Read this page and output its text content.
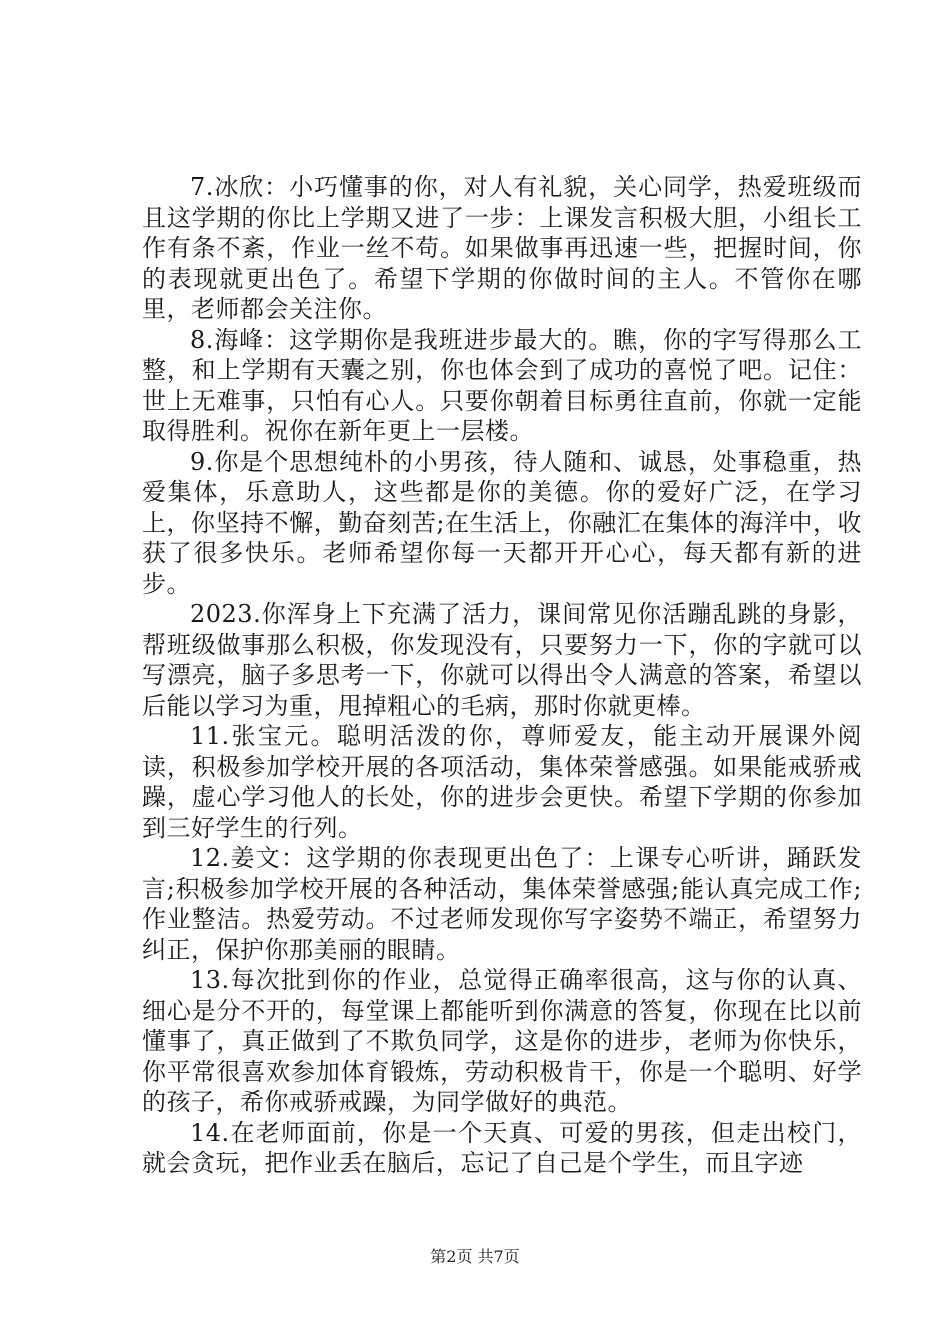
7.冰欣：小巧懂事的你，对人有礼貌，关心同学，热爱班级而且这学期的你比上学期又进了一步：上课发言积极大胆，小组长工作有条不紊，作业一丝不苟。如果做事再迅速一些，把握时间，你的表现就更出色了。希望下学期的你做时间的主人。不管你在哪里，老师都会关注你。

8.海峰：这学期你是我班进步最大的。瞧，你的字写得那么工整，和上学期有天囊之别，你也体会到了成功的喜悦了吧。记住：世上无难事，只怕有心人。只要你朝着目标勇往直前，你就一定能取得胜利。祝你在新年更上一层楼。

9.你是个思想纯朴的小男孩，待人随和、诚恳，处事稳重，热爱集体，乐意助人，这些都是你的美德。你的爱好广泛，在学习上，你坚持不懈，勤奋刻苦;在生活上，你融汇在集体的海洋中，收获了很多快乐。老师希望你每一天都开开心心，每天都有新的进步。

2023.你浑身上下充满了活力，课间常见你活蹦乱跳的身影，帮班级做事那么积极，你发现没有，只要努力一下，你的字就可以写漂亮，脑子多思考一下，你就可以得出令人满意的答案，希望以后能以学习为重，甩掉粗心的毛病，那时你就更棒。

11.张宝元。聪明活泼的你，尊师爱友，能主动开展课外阅读，积极参加学校开展的各项活动，集体荣誉感强。如果能戒骄戒躁，虚心学习他人的长处，你的进步会更快。希望下学期的你参加到三好学生的行列。

12.姜文：这学期的你表现更出色了：上课专心听讲，踊跃发言;积极参加学校开展的各种活动，集体荣誉感强;能认真完成工作;作业整洁。热爱劳动。不过老师发现你写字姿势不端正，希望努力纠正，保护你那美丽的眼睛。

13.每次批到你的作业，总觉得正确率很高，这与你的认真、细心是分不开的，每堂课上都能听到你满意的答复，你现在比以前懂事了，真正做到了不欺负同学，这是你的进步，老师为你快乐，你平常很喜欢参加体育锻炼，劳动积极肯干，你是一个聪明、好学的孩子，希你戒骄戒躁，为同学做好的典范。

14.在老师面前，你是一个天真、可爱的男孩，但走出校门，就会贪玩，把作业丢在脑后，忘记了自己是个学生，而且字迹

第2页 共7页
